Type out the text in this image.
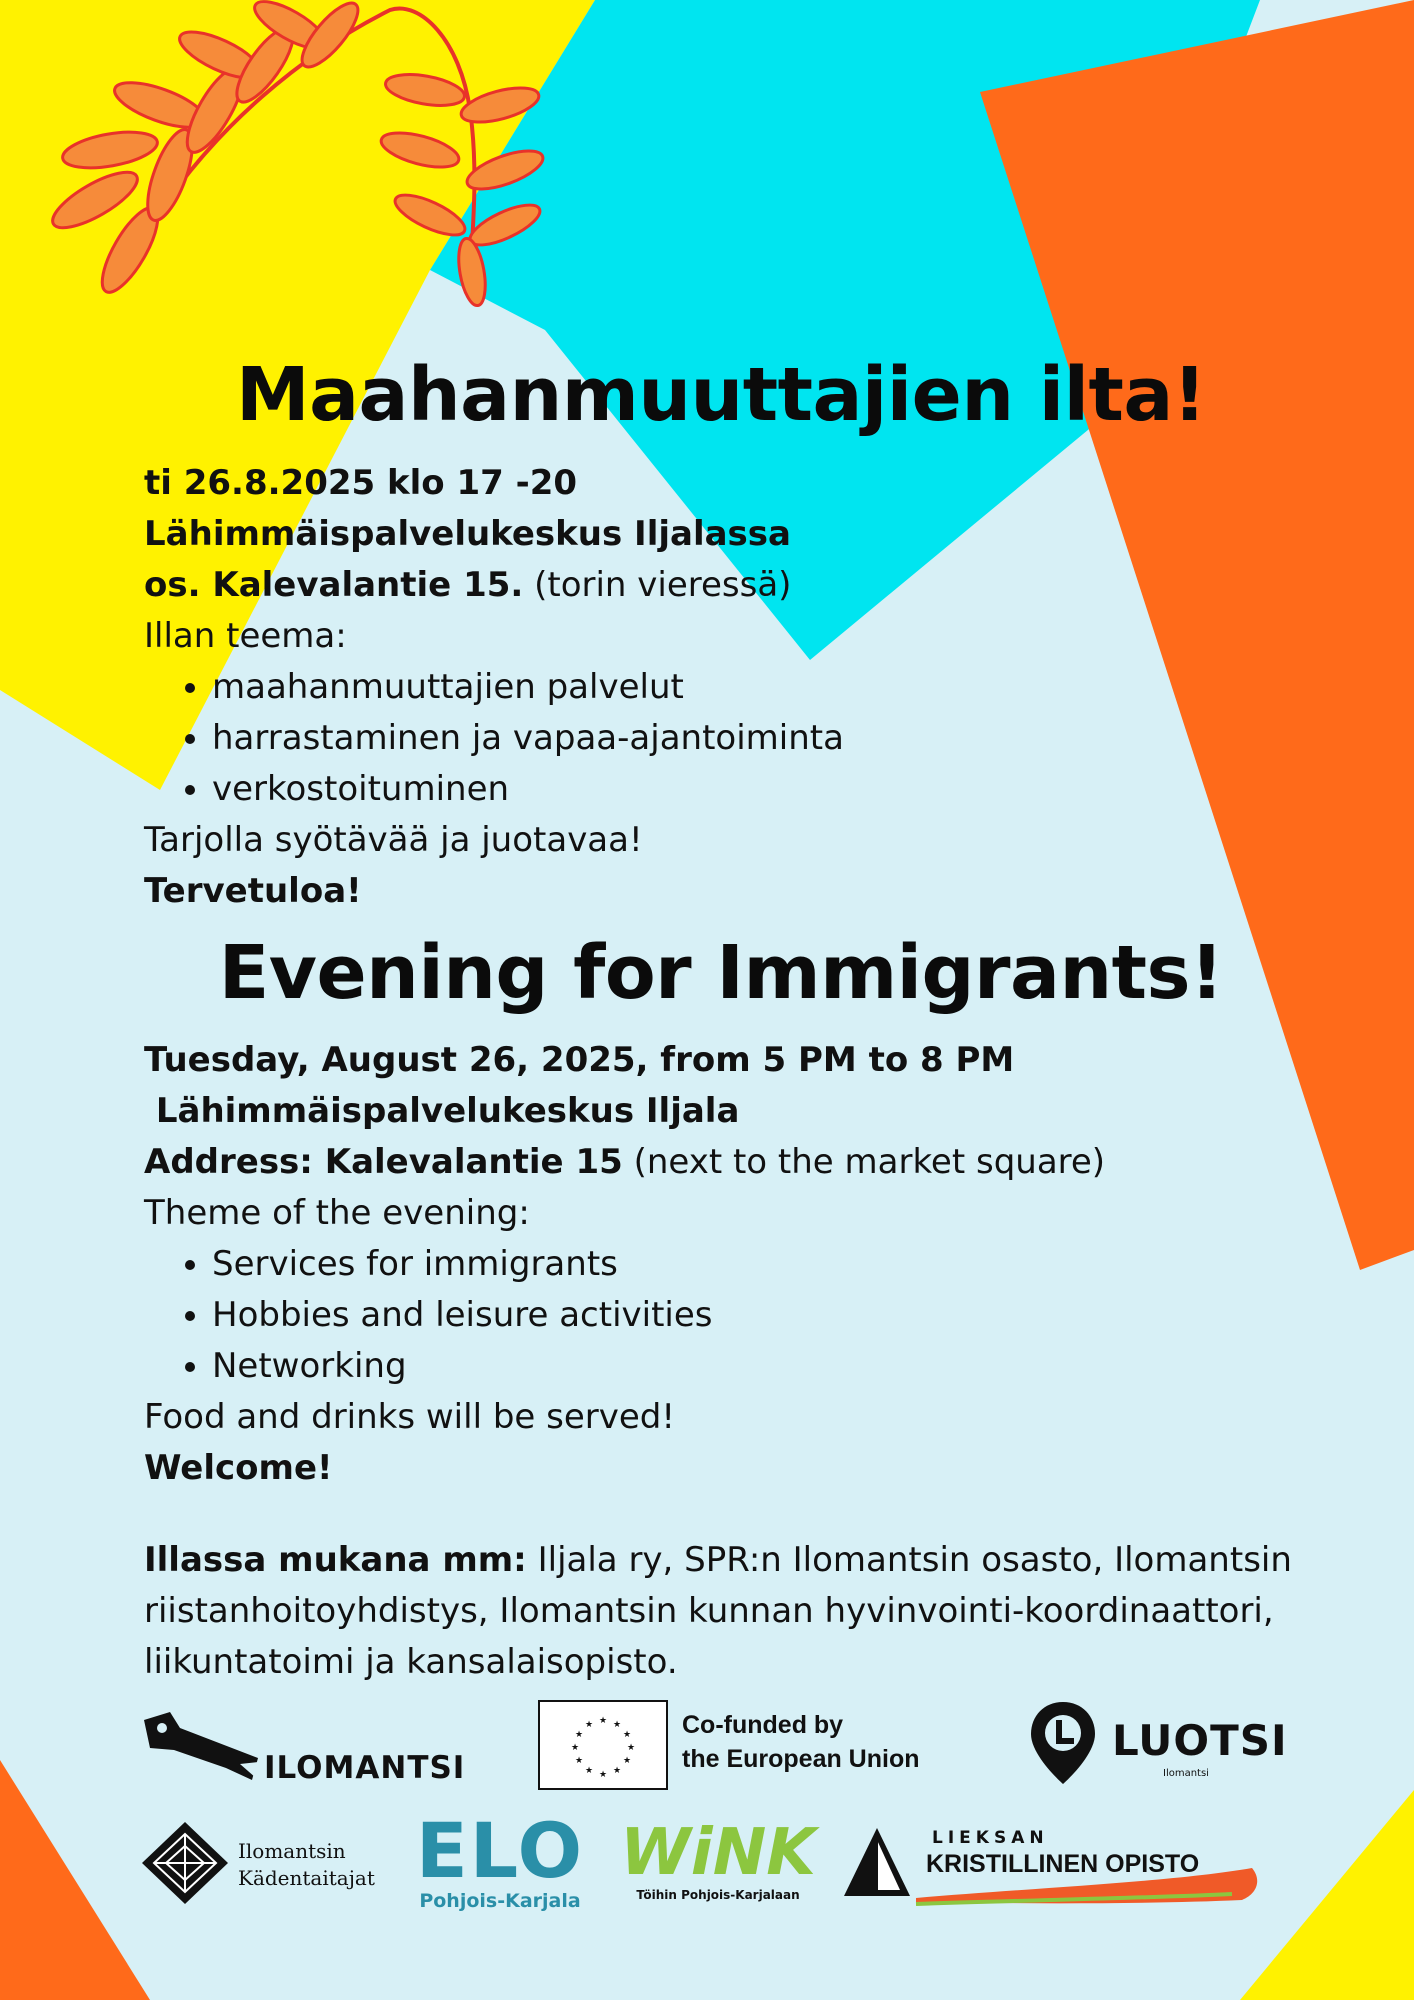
Maahanmuuttajien ilta!

ti 26.8.2025 klo 17 -20

Lähimmäispalvelukeskus Iljalassa

os. Kalevalantie 15. (torin vieressä)

Illan teema:

• maahanmuuttajien palvelut
• harrastaminen ja vapaa-ajantoiminta
• verkostoituminen

Tarjolla syötävää ja juotavaa!

Tervetuloa!

Evening for Immigrants!

Tuesday, August 26, 2025, from 5 PM to 8 PM

Lähimmäispalvelukeskus Iljala

Address: Kalevalantie 15 (next to the market square)

Theme of the evening:

• Services for immigrants
• Hobbies and leisure activities
• Networking

Food and drinks will be served!

Welcome!

Illassa mukana mm: Iljala ry, SPR:n Ilomantsin osasto, Ilomantsin riistanhoitoyhdistys, Ilomantsin kunnan hyvinvointi-koordinaattori, liikuntatoimi ja kansalaisopisto.

ILOMANTSI
★ ★
★
★
★
★
★
★
★
★
★
★	Co-funded by
the European Union	LUOTSI
Ilomantsi
Ilomantsin
Kädentaitajat ELO
Pohjois-Karjala
WiNK
Töihin Pohjois-Karjalaan
LIEKSAN
KRISTILLINEN OPISTO
